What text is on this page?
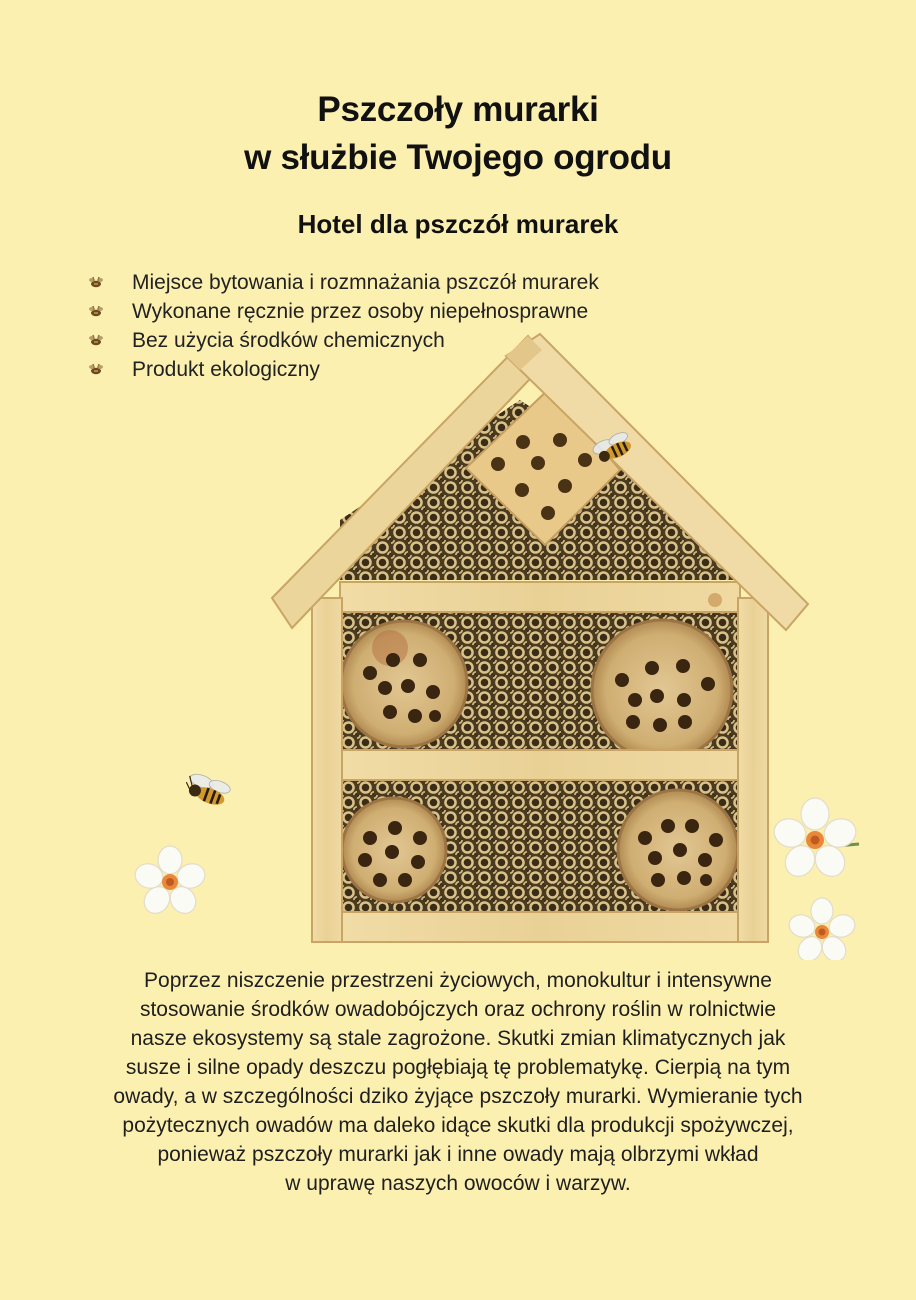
Pszczoły murarki
w służbie Twojego ogrodu
Hotel dla pszczół murarek
Miejsce bytowania i rozmnażania pszczół murarek
Wykonane ręcznie przez osoby niepełnosprawne
Bez użycia środków chemicznych
Produkt ekologiczny
Poprzez niszczenie przestrzeni życiowych, monokultur i intensywne
stosowanie środków owadobójczych oraz ochrony roślin w rolnictwie
nasze ekosystemy są stale zagrożone. Skutki zmian klimatycznych jak
susze i silne opady deszczu pogłębiają tę problematykę. Cierpią na tym
owady, a w szczególności dziko żyjące pszczoły murarki. Wymieranie tych
pożytecznych owadów ma daleko idące skutki dla produkcji spożywczej,
ponieważ pszczoły murarki jak i inne owady mają olbrzymi wkład
w uprawę naszych owoców i warzyw.
